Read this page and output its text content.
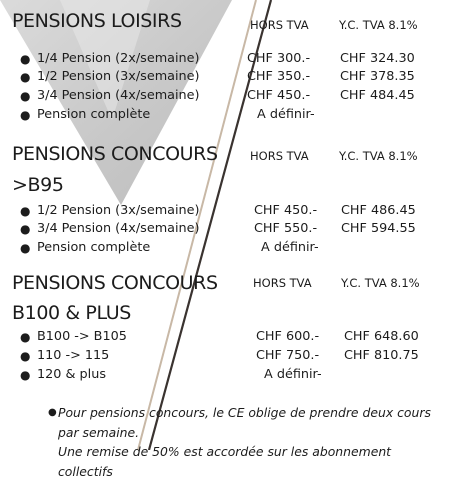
PENSIONS LOISIRS	HORS TVA	Y.C. TVA 8.1%
● 1/4 Pension (2x/semaine)	CHF 300.- CHF 324.30
● 1/2 Pension (3x/semaine)	CHF 350.- CHF 378.35
● 3/4 Pension (4x/semaine)	CHF 450.- CHF 484.45
● Pension complète	A définir-
PENSIONS CONCOURS
>B95
HORS TVA	Y.C. TVA 8.1%
● 1/2 Pension (3x/semaine)	CHF 450.- CHF 486.45
● 3/4 Pension (4x/semaine)	CHF 550.- CHF 594.55
● Pension complète	A définir-
PENSIONS CONCOURS
B100 & PLUS
HORS TVA	Y.C. TVA 8.1%
● B100 -> B105	CHF 600.- CHF 648.60
● 110 -> 115	CHF 750.- CHF 810.75
● 120 & plus	A définir-
● Pour pensions concours, le CE oblige de prendre deux cours par semaine.
Une remise de 50% est accordée sur les abonnement collectifs
